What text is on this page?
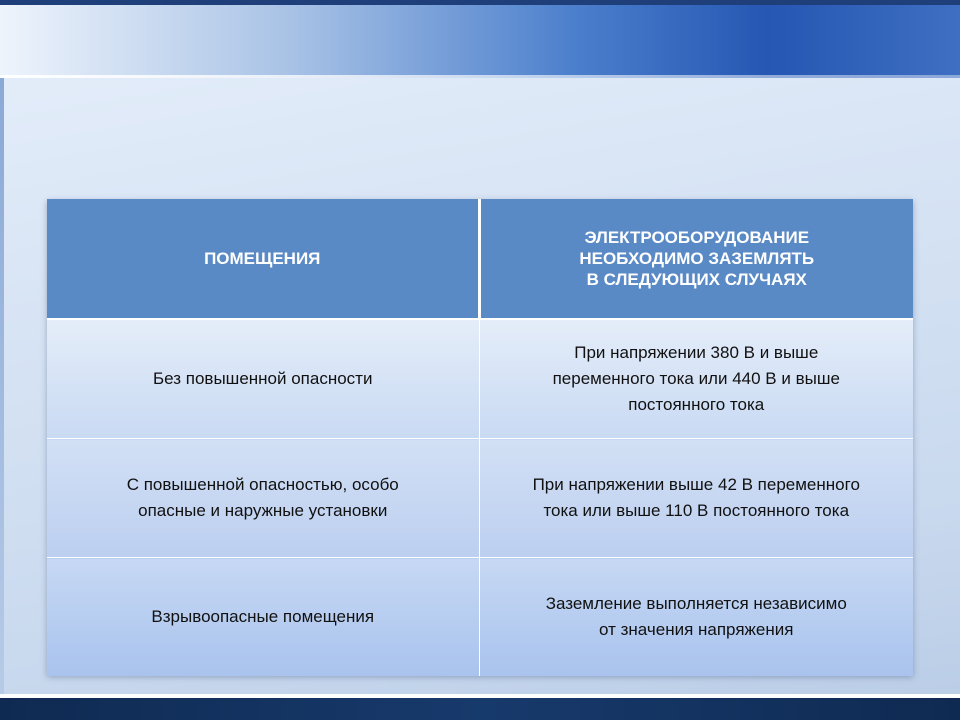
ПОМЕЩЕНИЯ	ЭЛЕКТРООБОРУДОВАНИЕ
НЕОБХОДИМО ЗАЗЕМЛЯТЬ
В СЛЕДУЮЩИХ СЛУЧАЯХ
Без повышенной опасности	При напряжении 380 В и выше
переменного тока или 440 В и выше
постоянного тока
С повышенной опасностью, особо
опасные и наружные установки	При напряжении выше 42 В переменного
тока или выше 110 В постоянного тока
Взрывоопасные помещения	Заземление выполняется независимо
от значения напряжения
